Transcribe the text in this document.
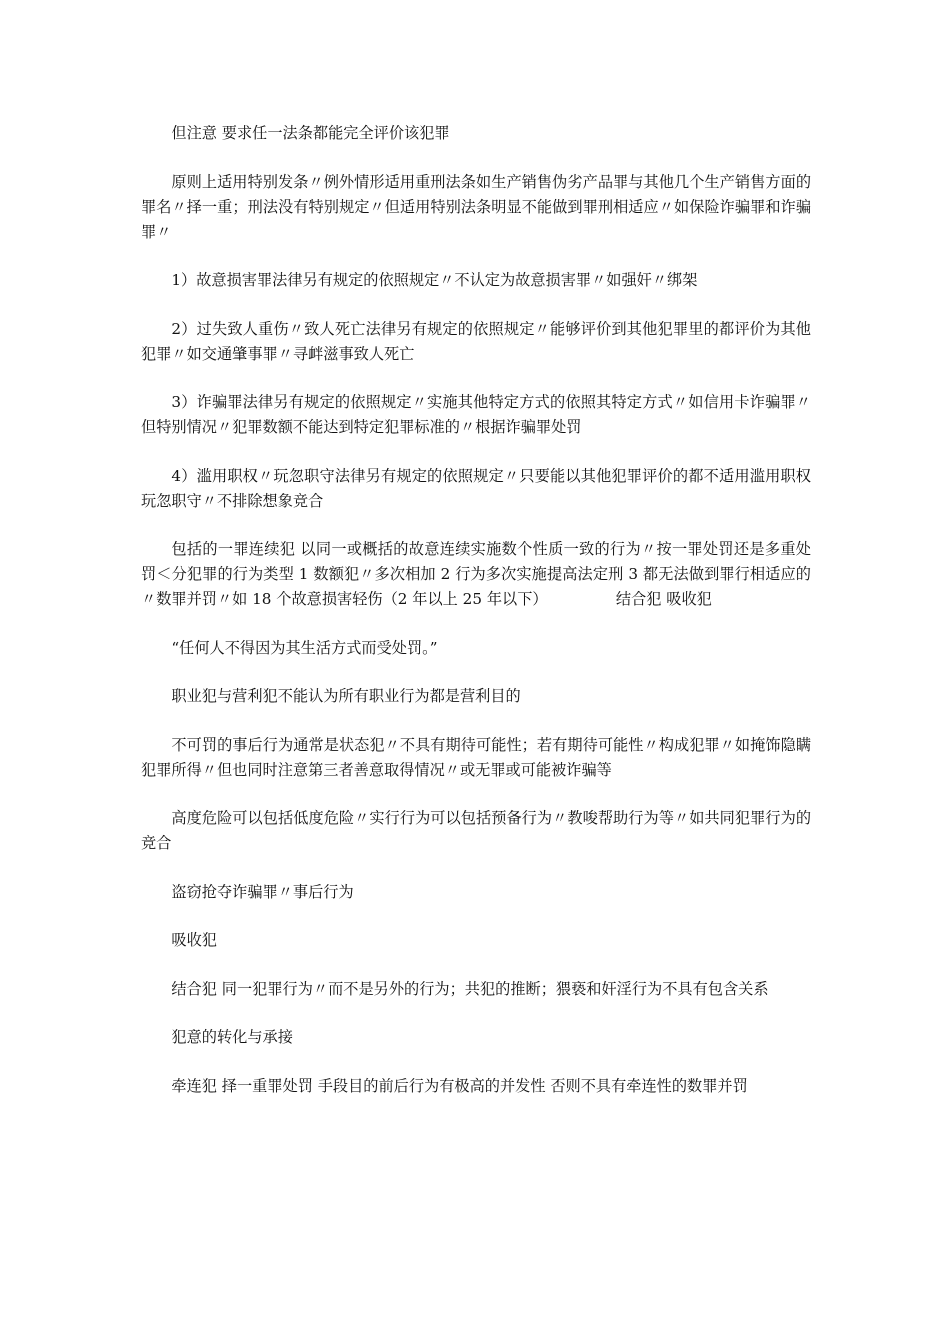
但注意 要求任一法条都能完全评价该犯罪

原则上适用特别发条〃例外情形适用重刑法条如生产销售伪劣产品罪与其他几个生产销售方面的罪名〃择一重；刑法没有特别规定〃但适用特别法条明显不能做到罪刑相适应〃如保险诈骗罪和诈骗罪〃

1）故意损害罪法律另有规定的依照规定〃不认定为故意损害罪〃如强奸〃绑架

2）过失致人重伤〃致人死亡法律另有规定的依照规定〃能够评价到其他犯罪里的都评价为其他犯罪〃如交通肇事罪〃寻衅滋事致人死亡

3）诈骗罪法律另有规定的依照规定〃实施其他特定方式的依照其特定方式〃如信用卡诈骗罪〃但特别情况〃犯罪数额不能达到特定犯罪标准的〃根据诈骗罪处罚

4）滥用职权〃玩忽职守法律另有规定的依照规定〃只要能以其他犯罪评价的都不适用滥用职权玩忽职守〃不排除想象竞合

包括的一罪连续犯 以同一或概括的故意连续实施数个性质一致的行为〃按一罪处罚还是多重处罚＜分犯罪的行为类型 1 数额犯〃多次相加 2 行为多次实施提高法定刑 3 都无法做到罪行相适应的〃数罪并罚〃如 18 个故意损害轻伤（2 年以上 25 年以下）　　　　　结合犯 吸收犯

“任何人不得因为其生活方式而受处罚。”

职业犯与营利犯不能认为所有职业行为都是营利目的

不可罚的事后行为通常是状态犯〃不具有期待可能性；若有期待可能性〃构成犯罪〃如掩饰隐瞒犯罪所得〃但也同时注意第三者善意取得情况〃或无罪或可能被诈骗等

高度危险可以包括低度危险〃实行行为可以包括预备行为〃教唆帮助行为等〃如共同犯罪行为的竞合

盗窃抢夺诈骗罪〃事后行为

吸收犯

结合犯 同一犯罪行为〃而不是另外的行为；共犯的推断；猥亵和奸淫行为不具有包含关系

犯意的转化与承接

牵连犯 择一重罪处罚 手段目的前后行为有极高的并发性 否则不具有牵连性的数罪并罚
